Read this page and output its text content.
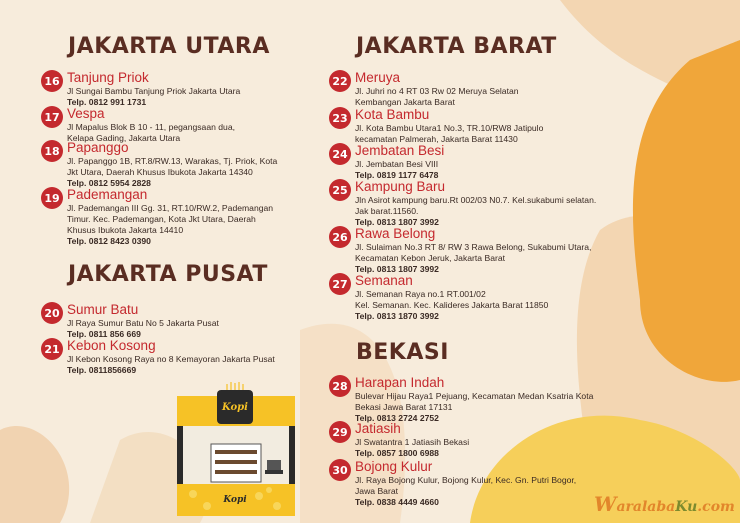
JAKARTA UTARA
JAKARTA PUSAT
JAKARTA BARAT
BEKASI
16 Tanjung Priok
Jl Sungai Bambu Tanjung Priok Jakarta Utara
Telp. 0812 991 1731
17 Vespa
Jl Mapalus Blok B 10 - 11, pegangsaan dua,
Kelapa Gading, Jakarta Utara
18 Papanggo
Jl. Papanggo 1B, RT.8/RW.13, Warakas, Tj. Priok, Kota
Jkt Utara, Daerah Khusus Ibukota Jakarta 14340
Telp. 0812 5954 2828
19 Pademangan
Jl. Pademangan III Gg. 31, RT.10/RW.2, Pademangan
Timur. Kec. Pademangan, Kota Jkt Utara, Daerah
Khusus Ibukota Jakarta 14410
Telp. 0812 8423 0390
20 Sumur Batu
Jl Raya Sumur Batu No 5 Jakarta Pusat
Telp. 0811 856 669
21 Kebon Kosong
Jl Kebon Kosong Raya no 8 Kemayoran Jakarta Pusat
Telp. 0811856669
22 Meruya
Jl. Juhri no 4 RT 03 Rw 02 Meruya Selatan
Kembangan Jakarta Barat
23 Kota Bambu
Jl. Kota Bambu Utara1 No.3, TR.10/RW8 Jatipulo
kecamatan Palmerah, Jakarta Barat 11430
24 Jembatan Besi
Jl. Jembatan Besi VIII
Telp. 0819 1177 6478
25 Kampung Baru
Jln Asirot kampung baru.Rt 002/03 N0.7. Kel.sukabumi selatan.
Jak barat.11560.
Telp. 0813 1807 3992
26 Rawa Belong
Jl. Sulaiman No.3 RT 8/ RW 3 Rawa Belong, Sukabumi Utara,
Kecamatan Kebon Jeruk, Jakarta Barat
Telp. 0813 1807 3992
27 Semanan
Jl. Semanan Raya no.1 RT.001/02
Kel. Semanan. Kec. Kalideres Jakarta Barat 11850
Telp. 0813 1870 3992
28 Harapan Indah
Bulevar Hijau Raya1 Pejuang, Kecamatan Medan Ksatria Kota
Bekasi Jawa Barat 17131
Telp. 0813 2724 2752
29 Jatiasih
Jl Swatantra 1 Jatiasih Bekasi
Telp. 0857 1800 6988
30 Bojong Kulur
Jl. Raya Bojong Kulur, Bojong Kulur, Kec. Gn. Putri Bogor,
Jawa Barat
Telp. 0838 4449 4660
Kopi
Kopi	WaralabaKu.com
